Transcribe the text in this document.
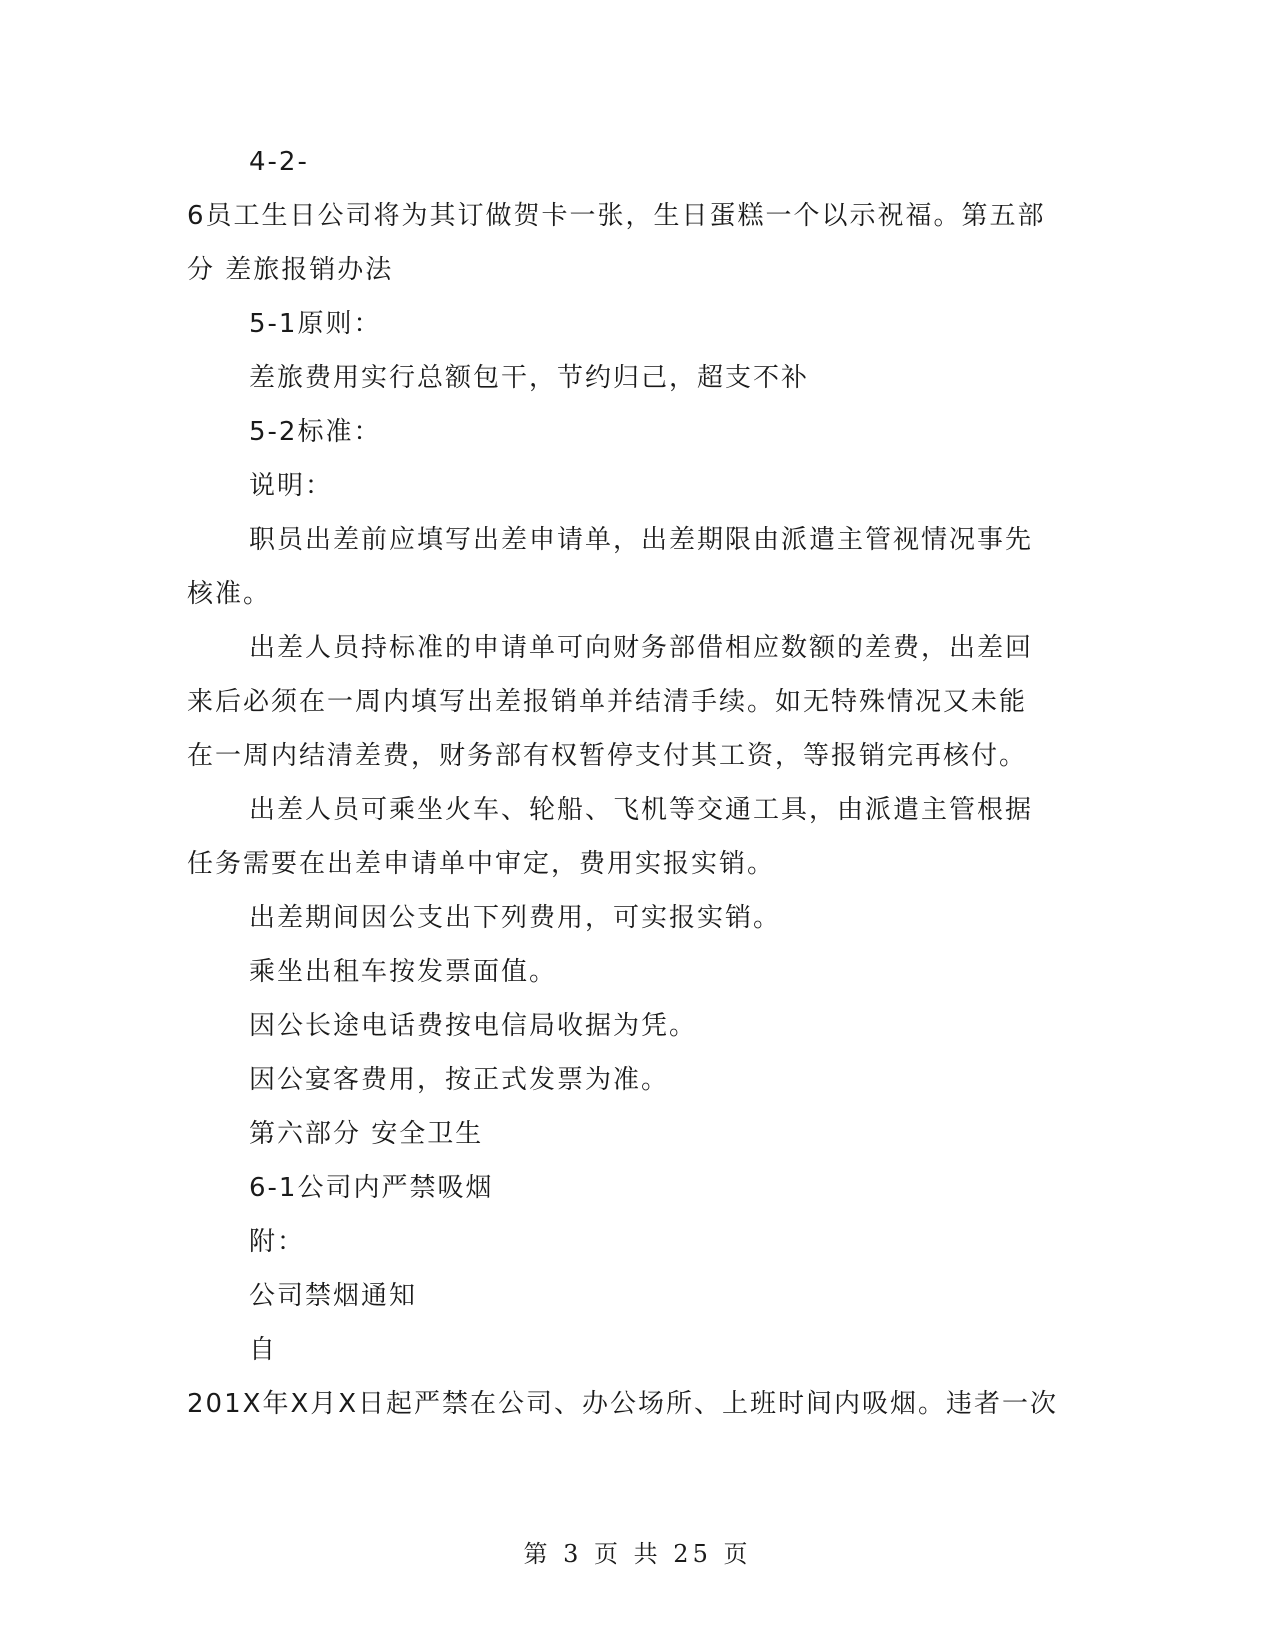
4-2-
6员工生日公司将为其订做贺卡一张，生日蛋糕一个以示祝福。第五部
分 差旅报销办法
5-1原则：
差旅费用实行总额包干，节约归己，超支不补
5-2标准：
说明：
职员出差前应填写出差申请单，出差期限由派遣主管视情况事先
核准。
出差人员持标准的申请单可向财务部借相应数额的差费，出差回
来后必须在一周内填写出差报销单并结清手续。如无特殊情况又未能
在一周内结清差费，财务部有权暂停支付其工资，等报销完再核付。
出差人员可乘坐火车、轮船、飞机等交通工具，由派遣主管根据
任务需要在出差申请单中审定，费用实报实销。
出差期间因公支出下列费用，可实报实销。
乘坐出租车按发票面值。
因公长途电话费按电信局收据为凭。
因公宴客费用，按正式发票为准。
第六部分 安全卫生
6-1公司内严禁吸烟
附：
公司禁烟通知
自
201X年X月X日起严禁在公司、办公场所、上班时间内吸烟。违者一次
第 3 页 共 25 页
